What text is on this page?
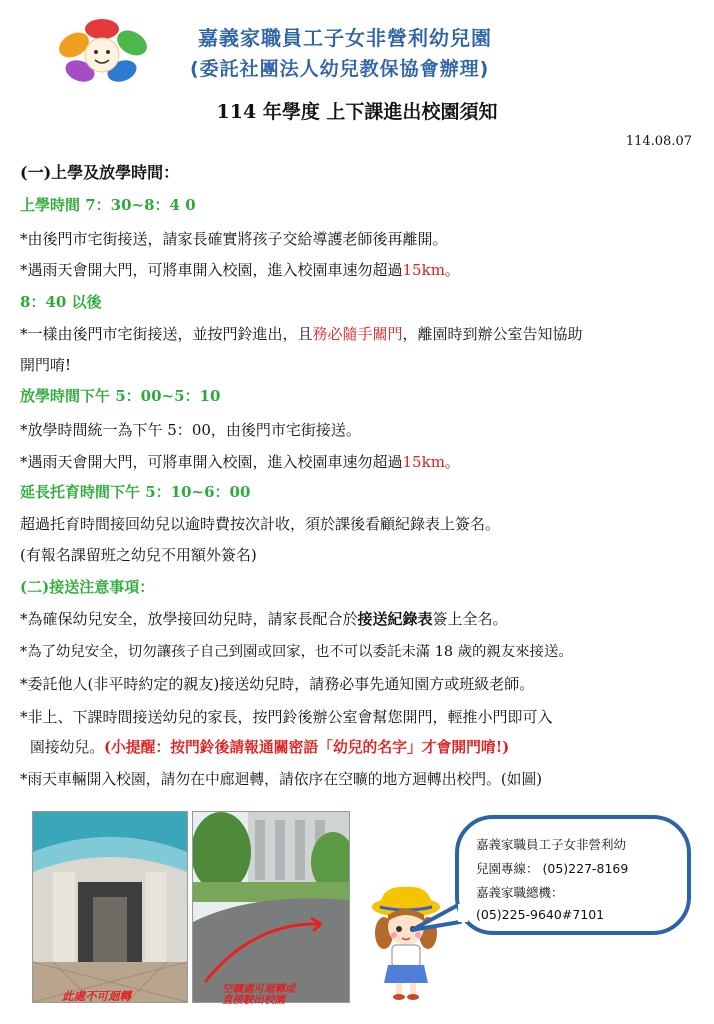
嘉義家職員工子女非營利幼兒園
(委託社團法人幼兒教保協會辦理)
114 年學度 上下課進出校園須知
114.08.07
(一)上學及放學時間：
上學時間 7：30~8：4 0
*由後門市宅街接送，請家長確實將孩子交給導護老師後再離開。
*遇雨天會開大門，可將車開入校園，進入校園車速勿超過15km。
8：40 以後
*一樣由後門市宅街接送，並按門鈴進出，且務必隨手關門，離園時到辦公室告知協助
開門唷!
放學時間下午 5：00~5：10
*放學時間統一為下午 5：00，由後門市宅街接送。
*遇雨天會開大門，可將車開入校園，進入校園車速勿超過15km。
延長托育時間下午 5：10~6：00
超過托育時間接回幼兒以逾時費按次計收，須於課後看顧紀錄表上簽名。
(有報名課留班之幼兒不用額外簽名)
(二)接送注意事項：
*為確保幼兒安全，放學接回幼兒時，請家長配合於接送紀錄表簽上全名。
*為了幼兒安全，切勿讓孩子自己到園或回家，也不可以委託未滿 18 歲的親友來接送。
*委託他人(非平時約定的親友)接送幼兒時，請務必事先通知園方或班級老師。
*非上、下課時間接送幼兒的家長，按門鈴後辦公室會幫您開門，輕推小門即可入
園接幼兒。(小提醒：按門鈴後請報通關密語「幼兒的名字」才會開門唷!)
*雨天車輛開入校園，請勿在中廊迴轉，請依序在空曠的地方迴轉出校門。(如圖)
此處不可迴轉	空曠處可迴轉或
直接駛出校園
嘉義家職員工子女非營利幼
兒園專線： (05)227-8169
嘉義家職總機：
(05)225-9640#7101
